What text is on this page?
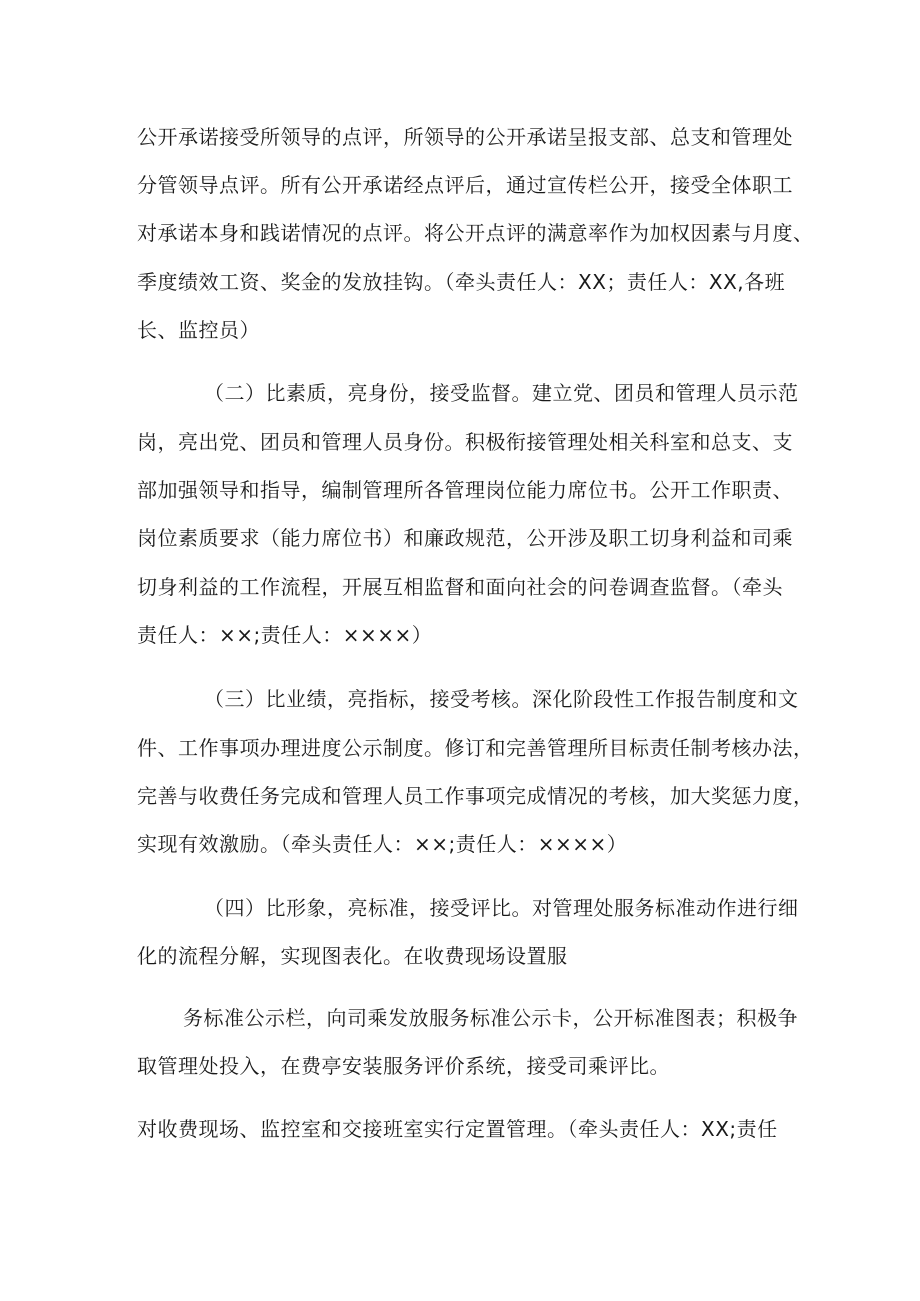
公开承诺接受所领导的点评，所领导的公开承诺呈报支部、总支和管理处
分管领导点评。所有公开承诺经点评后，通过宣传栏公开，接受全体职工
对承诺本身和践诺情况的点评。将公开点评的满意率作为加权因素与月度、
季度绩效工资、奖金的发放挂钩。（牵头责任人：XX；责任人：XX,各班
长、监控员）
（二）比素质，亮身份，接受监督。建立党、团员和管理人员示范
岗，亮出党、团员和管理人员身份。积极衔接管理处相关科室和总支、支
部加强领导和指导，编制管理所各管理岗位能力席位书。公开工作职责、
岗位素质要求（能力席位书）和廉政规范，公开涉及职工切身利益和司乘
切身利益的工作流程，开展互相监督和面向社会的问卷调查监督。（牵头
责任人：××;责任人：××××）
（三）比业绩，亮指标，接受考核。深化阶段性工作报告制度和文
件、工作事项办理进度公示制度。修订和完善管理所目标责任制考核办法，
完善与收费任务完成和管理人员工作事项完成情况的考核，加大奖惩力度，
实现有效激励。（牵头责任人：××;责任人：××××）
（四）比形象，亮标准，接受评比。对管理处服务标准动作进行细
化的流程分解，实现图表化。在收费现场设置服
务标准公示栏，向司乘发放服务标准公示卡，公开标准图表；积极争
取管理处投入，在费亭安装服务评价系统，接受司乘评比。
对收费现场、监控室和交接班室实行定置管理。（牵头责任人：XX;责任
